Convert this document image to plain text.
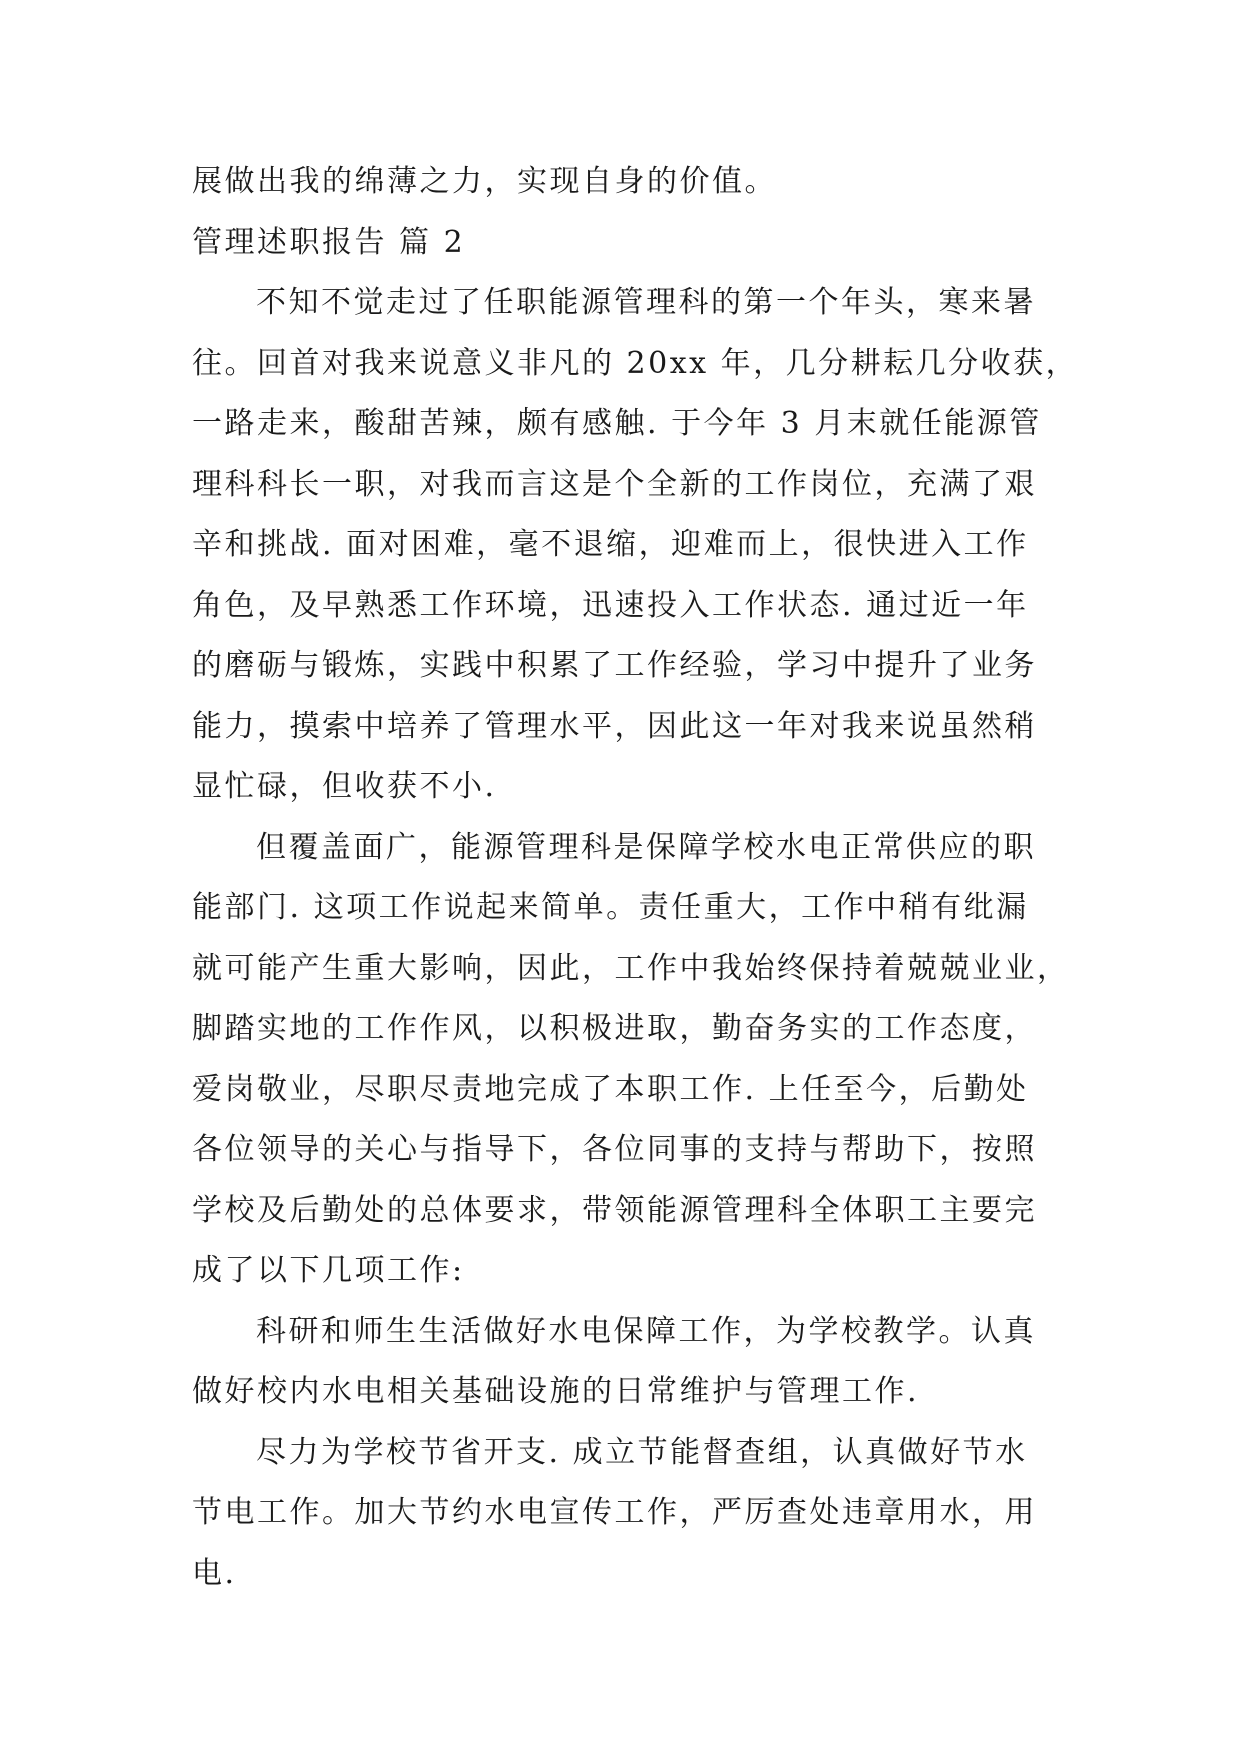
展做出我的绵薄之力，实现自身的价值。
管理述职报告 篇 2
不知不觉走过了任职能源管理科的第一个年头，寒来暑
往。回首对我来说意义非凡的 20xx 年，几分耕耘几分收获，
一路走来，酸甜苦辣，颇有感触. 于今年 3 月末就任能源管
理科科长一职，对我而言这是个全新的工作岗位，充满了艰
辛和挑战. 面对困难，毫不退缩，迎难而上，很快进入工作
角色，及早熟悉工作环境，迅速投入工作状态. 通过近一年
的磨砺与锻炼，实践中积累了工作经验，学习中提升了业务
能力，摸索中培养了管理水平，因此这一年对我来说虽然稍
显忙碌，但收获不小.
但覆盖面广，能源管理科是保障学校水电正常供应的职
能部门. 这项工作说起来简单。责任重大，工作中稍有纰漏
就可能产生重大影响，因此，工作中我始终保持着兢兢业业，
脚踏实地的工作作风，以积极进取，勤奋务实的工作态度，
爱岗敬业，尽职尽责地完成了本职工作. 上任至今，后勤处
各位领导的关心与指导下，各位同事的支持与帮助下，按照
学校及后勤处的总体要求，带领能源管理科全体职工主要完
成了以下几项工作:
科研和师生生活做好水电保障工作，为学校教学。认真
做好校内水电相关基础设施的日常维护与管理工作.
尽力为学校节省开支. 成立节能督查组，认真做好节水
节电工作。加大节约水电宣传工作，严厉查处违章用水，用
电.
